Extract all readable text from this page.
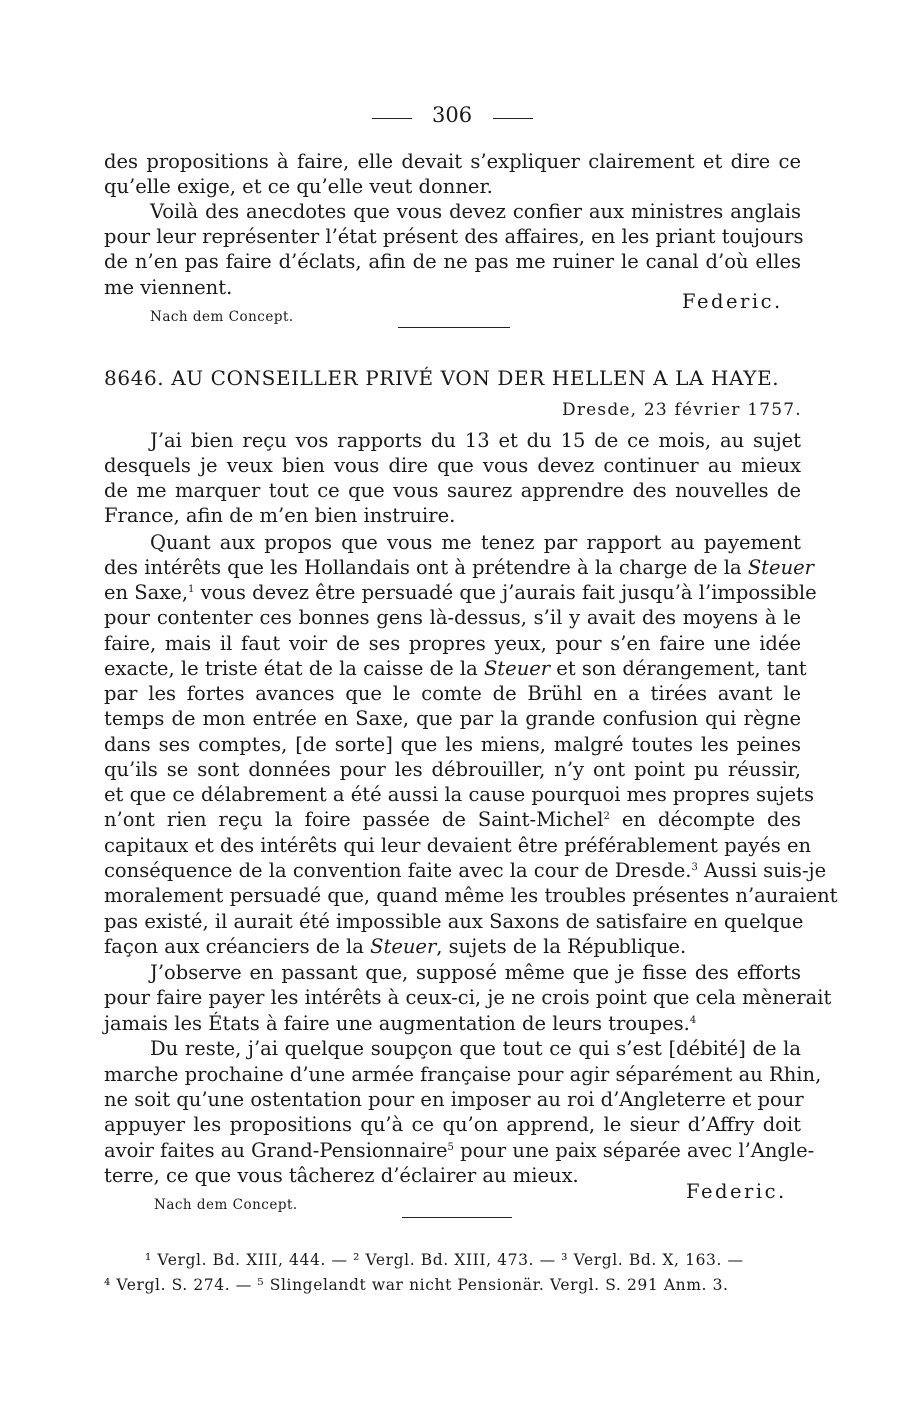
306
des propositions à faire, elle devait s’expliquer clairement et dire ce
qu’elle exige, et ce qu’elle veut donner.
Voilà des anecdotes que vous devez confier aux ministres anglais
pour leur représenter l’état présent des affaires, en les priant toujours
de n’en pas faire d’éclats, afin de ne pas me ruiner le canal d’où elles
me viennent.
Federic.
Nach dem Concept.
8646. AU CONSEILLER PRIVÉ VON DER HELLEN A LA HAYE.
Dresde, 23 février 1757.
J’ai bien reçu vos rapports du 13 et du 15 de ce mois, au sujet
desquels je veux bien vous dire que vous devez continuer au mieux
de me marquer tout ce que vous saurez apprendre des nouvelles de
France, afin de m’en bien instruire.
Quant aux propos que vous me tenez par rapport au payement
des intérêts que les Hollandais ont à prétendre à la charge de la Steuer
en Saxe,$^1$ vous devez être persuadé que j’aurais fait jusqu’à l’impossible
pour contenter ces bonnes gens là-dessus, s’il y avait des moyens à le
faire, mais il faut voir de ses propres yeux, pour s’en faire une idée
exacte, le triste état de la caisse de la Steuer et son dérangement, tant
par les fortes avances que le comte de Brühl en a tirées avant le
temps de mon entrée en Saxe, que par la grande confusion qui règne
dans ses comptes, [de sorte] que les miens, malgré toutes les peines
qu’ils se sont données pour les débrouiller, n’y ont point pu réussir,
et que ce délabrement a été aussi la cause pourquoi mes propres sujets
n’ont rien reçu la foire passée de Saint-Michel$^2$ en décompte des
capitaux et des intérêts qui leur devaient être préférablement payés en
conséquence de la convention faite avec la cour de Dresde.$^3$ Aussi suis-je
moralement persuadé que, quand même les troubles présentes n’auraient
pas existé, il aurait été impossible aux Saxons de satisfaire en quelque
façon aux créanciers de la Steuer, sujets de la République.
J’observe en passant que, supposé même que je fisse des efforts
pour faire payer les intérêts à ceux-ci, je ne crois point que cela mènerait
jamais les États à faire une augmentation de leurs troupes.$^4$
Du reste, j’ai quelque soupçon que tout ce qui s’est [débité] de la
marche prochaine d’une armée française pour agir séparément au Rhin,
ne soit qu’une ostentation pour en imposer au roi d’Angleterre et pour
appuyer les propositions qu’à ce qu’on apprend, le sieur d’Affry doit
avoir faites au Grand-Pensionnaire$^5$ pour une paix séparée avec l’Angle-
terre, ce que vous tâcherez d’éclairer au mieux.
Federic.
Nach dem Concept.
¹ Vergl. Bd. XIII, 444. — ² Vergl. Bd. XIII, 473. — ³ Vergl. Bd. X, 163. —
⁴ Vergl. S. 274. — ⁵ Slingelandt war nicht Pensionär. Vergl. S. 291 Anm. 3.
